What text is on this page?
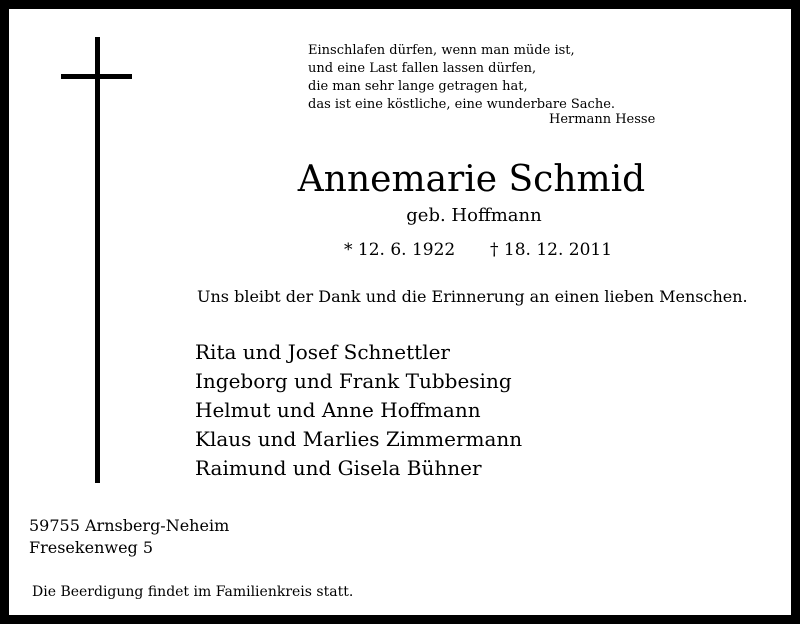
Einschlafen dürfen, wenn man müde ist,
und eine Last fallen lassen dürfen,
die man sehr lange getragen hat,
das ist eine köstliche, eine wunderbare Sache.
Hermann Hesse
Annemarie Schmid
geb. Hoffmann
* 12. 6. 1922 † 18. 12. 2011
Uns bleibt der Dank und die Erinnerung an einen lieben Menschen.
Rita und Josef Schnettler
Ingeborg und Frank Tubbesing
Helmut und Anne Hoffmann
Klaus und Marlies Zimmermann
Raimund und Gisela Bühner
59755 Arnsberg-Neheim
Fresekenweg 5
Die Beerdigung findet im Familienkreis statt.
